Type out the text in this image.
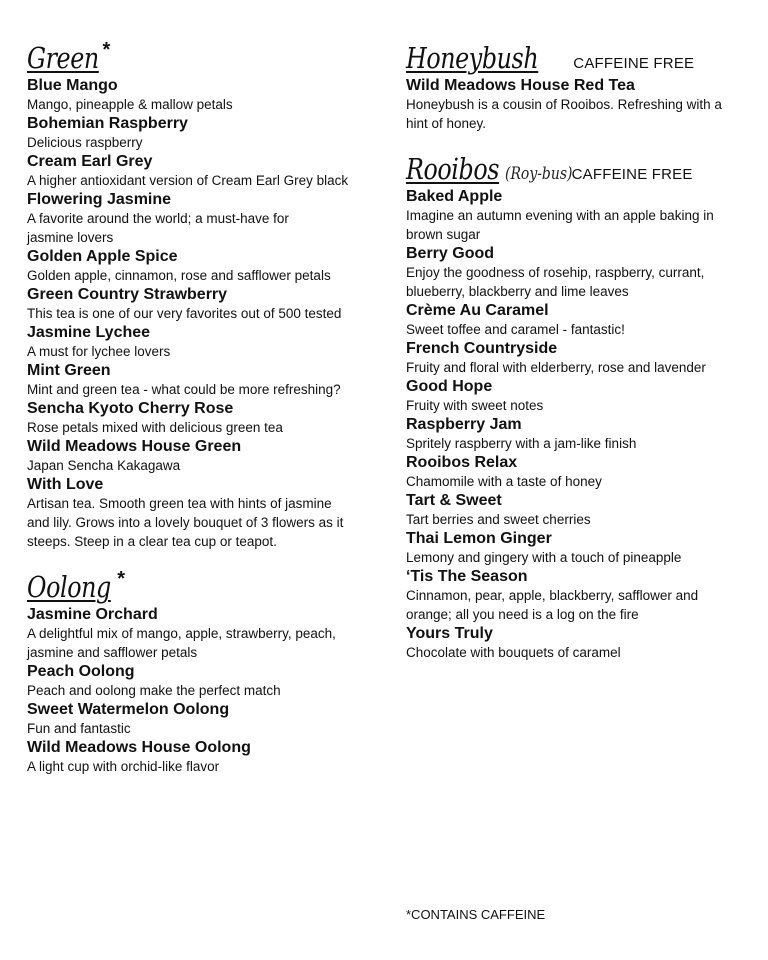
Green *
Blue Mango
Mango, pineapple & mallow petals
Bohemian Raspberry
Delicious raspberry
Cream Earl Grey
A higher antioxidant version of Cream Earl Grey black
Flowering Jasmine
A favorite around the world; a must-have for
jasmine lovers
Golden Apple Spice
Golden apple, cinnamon, rose and safflower petals
Green Country Strawberry
This tea is one of our very favorites out of 500 tested
Jasmine Lychee
A must for lychee lovers
Mint Green
Mint and green tea - what could be more refreshing?
Sencha Kyoto Cherry Rose
Rose petals mixed with delicious green tea
Wild Meadows House Green
Japan Sencha Kakagawa
With Love
Artisan tea. Smooth green tea with hints of jasmine
and lily. Grows into a lovely bouquet of 3 flowers as it
steeps. Steep in a clear tea cup or teapot.
Oolong *
Jasmine Orchard
A delightful mix of mango, apple, strawberry, peach,
jasmine and safflower petals
Peach Oolong
Peach and oolong make the perfect match
Sweet Watermelon Oolong
Fun and fantastic
Wild Meadows House Oolong
A light cup with orchid-like flavor
Honeybush CAFFEINE FREE
Wild Meadows House Red Tea
Honeybush is a cousin of Rooibos. Refreshing with a
hint of honey.
Rooibos (Roy-bus)
CAFFEINE FREE
Baked Apple
Imagine an autumn evening with an apple baking in
brown sugar
Berry Good
Enjoy the goodness of rosehip, raspberry, currant,
blueberry, blackberry and lime leaves
Crème Au Caramel
Sweet toffee and caramel - fantastic!
French Countryside
Fruity and floral with elderberry, rose and lavender
Good Hope
Fruity with sweet notes
Raspberry Jam
Spritely raspberry with a jam-like finish
Rooibos Relax
Chamomile with a taste of honey
Tart & Sweet
Tart berries and sweet cherries
Thai Lemon Ginger
Lemony and gingery with a touch of pineapple
‘Tis The Season
Cinnamon, pear, apple, blackberry, safflower and
orange; all you need is a log on the fire
Yours Truly
Chocolate with bouquets of caramel
*CONTAINS CAFFEINE
